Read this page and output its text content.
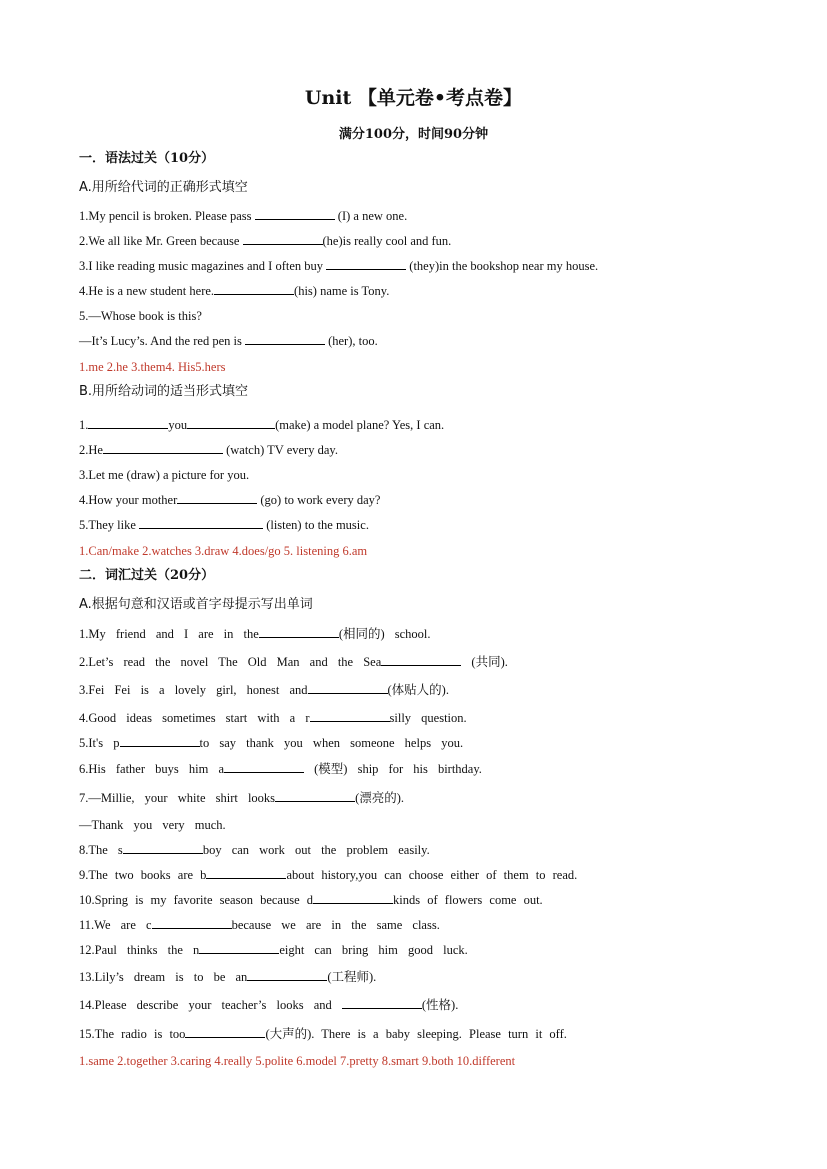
Unit 【单元卷•考点卷】
满分100分，时间90分钟
一．语法过关（10分）
A.用所给代词的正确形式填空
1.My pencil is broken. Please pass	(I) a new one.
2.We all like Mr. Green because	(he)is really cool and fun.
3.I like reading music magazines and I often buy	(they)in the bookshop near my house.
4.He is a new student here.	(his) name is Tony.
5.—Whose book is this?
—It’s Lucy’s. And the red pen is	(her), too.
1.me 2.he 3.them4. His5.hers
B.用所给动词的适当形式填空
1.	you	(make) a model plane? Yes, I can.
2.He	(watch) TV every day.
3.Let me (draw) a picture for you.
4.How your mother	(go) to work every day?
5.They like	(listen) to the music.
1.Can/make 2.watches 3.draw 4.does/go 5. listening 6.am
二．词汇过关（20分）
A.根据句意和汉语或首字母提示写出单词
1.My friend and I are in the	(相同的) school.
2.Let’s read the novel The Old Man and the Sea	(共同).
3.Fei Fei is a lovely girl, honest and	(体贴人的).
4.Good ideas sometimes start with a r	silly question.
5.It's p	to say thank you when someone helps you.
6.His father buys him a	(模型) ship for his birthday.
7.—Millie, your white shirt looks	(漂亮的).
—Thank you very much.
8.The s	boy can work out the problem easily.
9.The two books are b	about history,you can choose either of them to read.
10.Spring is my favorite season because d	kinds of flowers come out.
11.We are c	because we are in the same class.
12.Paul thinks the n	eight can bring him good luck.
13.Lily’s dream is to be an	(工程师).
14.Please describe your teacher’s looks and	(性格).
15.The radio is too	(大声的). There is a baby sleeping. Please turn it off.
1.same 2.together 3.caring 4.really 5.polite 6.model 7.pretty 8.smart 9.both 10.different
